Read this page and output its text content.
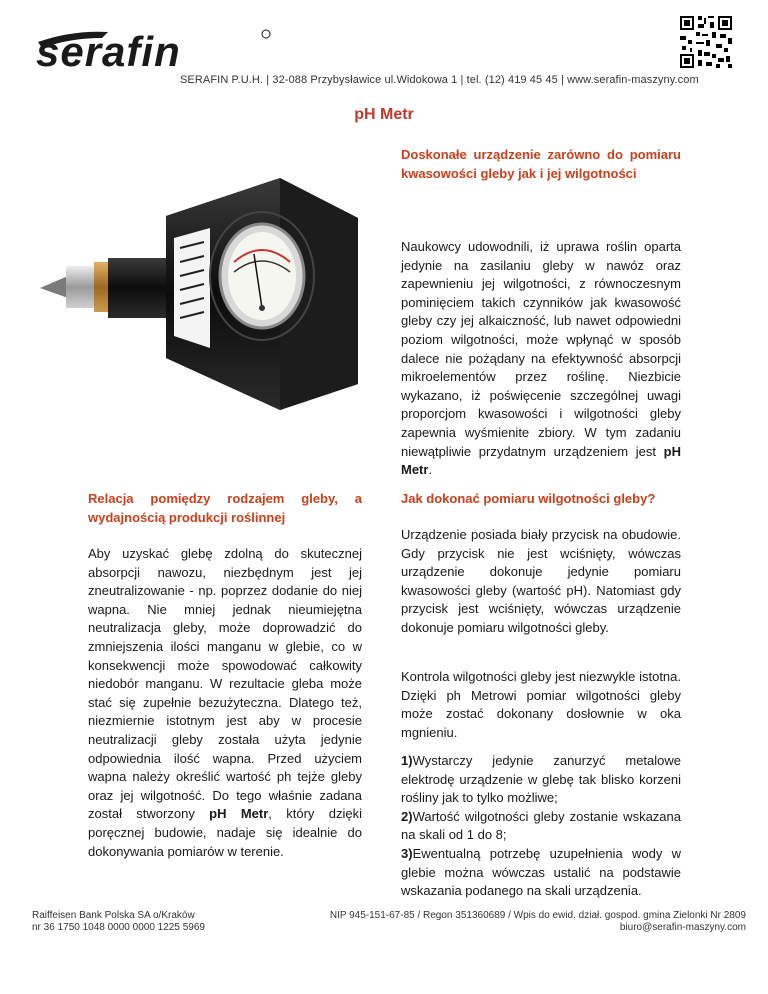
serafin
SERAFIN P.U.H. | 32-088 Przybysławice ul.Widokowa 1 | tel. (12) 419 45 45 | www.serafin-maszyny.com
pH Metr
Doskonałe urządzenie zarówno do pomiaru kwasowości gleby jak i jej wilgotności
Naukowcy udowodnili, iż uprawa roślin oparta jedynie na zasilaniu gleby w nawóz oraz zapewnieniu jej wilgotności, z równoczesnym pominięciem takich czynników jak kwasowość gleby czy jej alkaiczność, lub nawet odpowiedni poziom wilgotności, może wpłynąć w sposób dalece nie pożądany na efektywność absorpcji mikroelementów przez roślinę. Niezbicie wykazano, iż poświęcenie szczególnej uwagi proporcjom kwasowości i wilgotności gleby zapewnia wyśmienite zbiory. W tym zadaniu niewątpliwie przydatnym urządzeniem jest pH Metr.
Relacja pomiędzy rodzajem gleby, a wydajnością produkcji roślinnej
Aby uzyskać glebę zdolną do skutecznej absorpcji nawozu, niezbędnym jest jej zneutralizowanie - np. poprzez dodanie do niej wapna. Nie mniej jednak nieumiejętna neutralizacja gleby, może doprowadzić do zmniejszenia ilości manganu w glebie, co w konsekwencji może spowodować całkowity niedobór manganu. W rezultacie gleba może stać się zupełnie bezużyteczna. Dlatego też, niezmiernie istotnym jest aby w procesie neutralizacji gleby została użyta jedynie odpowiednia ilość wapna. Przed użyciem wapna należy określić wartość ph tejże gleby oraz jej wilgotność. Do tego właśnie zadana został stworzony pH Metr, który dzięki poręcznej budowie, nadaje się idealnie do dokonywania pomiarów w terenie.
Jak dokonać pomiaru wilgotności gleby?
Urządzenie posiada biały przycisk na obudowie. Gdy przycisk nie jest wciśnięty, wówczas urządzenie dokonuje jedynie pomiaru kwasowości gleby (wartość pH). Natomiast gdy przycisk jest wciśnięty, wówczas urządzenie dokonuje pomiaru wilgotności gleby.
Kontrola wilgotności gleby jest niezwykle istotna. Dzięki ph Metrowi pomiar wilgotności gleby może zostać dokonany dosłownie w oka mgnieniu.
1)Wystarczy jedynie zanurzyć metalowe elektrodę urządzenie w glebę tak blisko korzeni rośliny jak to tylko możliwe;
2)Wartość wilgotności gleby zostanie wskazana na skali od 1 do 8;
3)Ewentualną potrzebę uzupełnienia wody w glebie można wówczas ustalić na podstawie wskazania podanego na skali urządzenia.
Raiffeisen Bank Polska SA o/Kraków
nr 36 1750 1048 0000 0000 1225 5969
NIP 945-151-67-85 / Regon 351360689 / Wpis do ewid. dział. gospod. gmina Zielonki Nr 2809
biuro@serafin-maszyny.com
